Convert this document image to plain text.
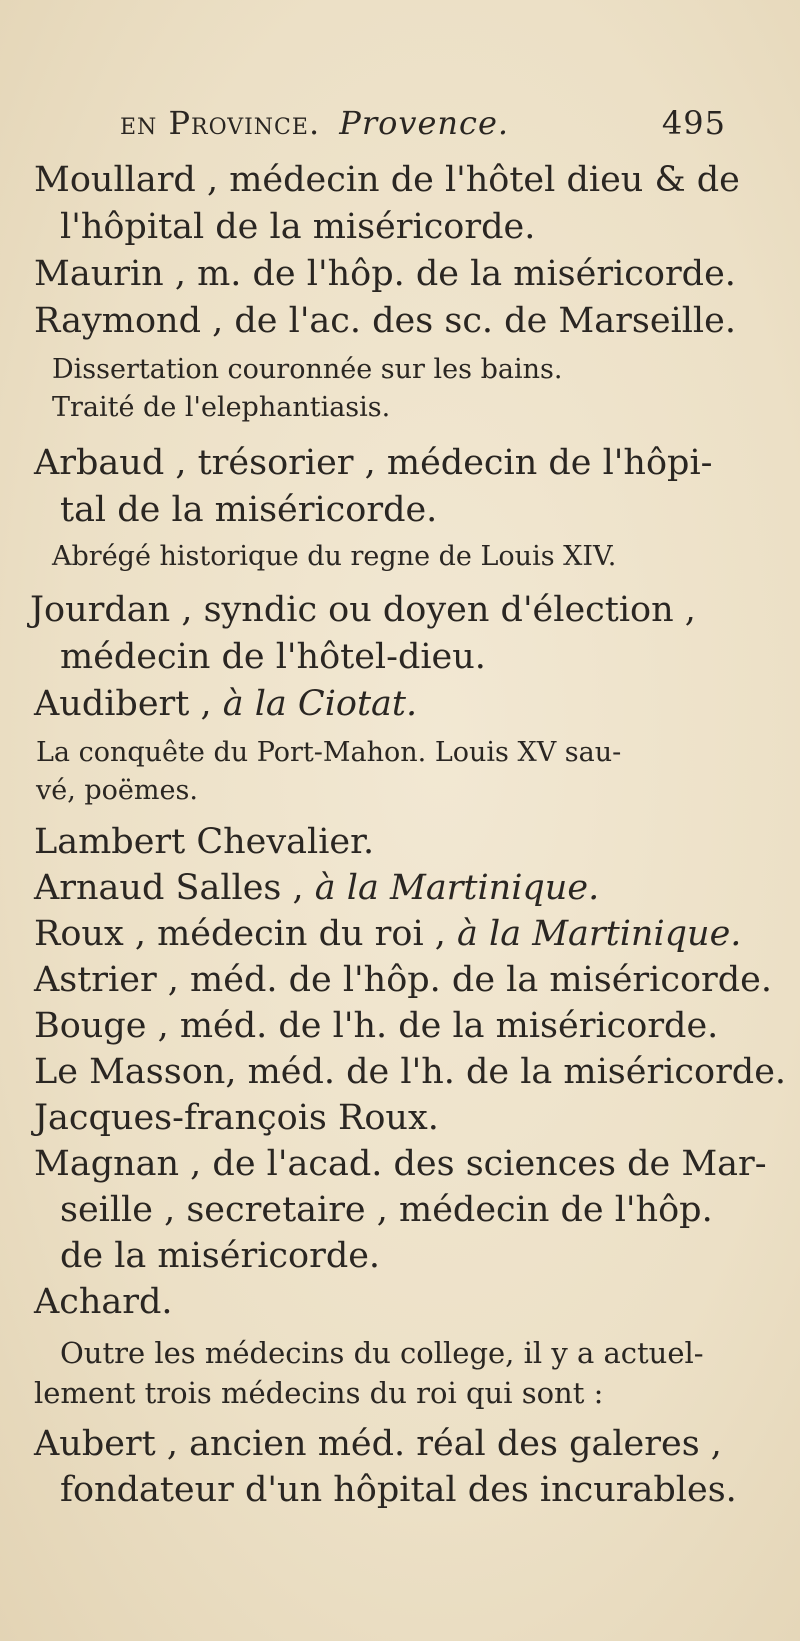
en Province. Provence.	495
Moullard , médecin de l'hôtel dieu & de
l'hôpital de la miséricorde.
Maurin , m. de l'hôp. de la miséricorde.
Raymond , de l'ac. des sc. de Marseille.
Dissertation couronnée sur les bains.
Traité de l'elephantiasis.
Arbaud , trésorier , médecin de l'hôpi-
tal de la miséricorde.
Abrégé historique du regne de Louis XIV.
Jourdan , syndic ou doyen d'élection ,
médecin de l'hôtel-dieu.
Audibert , à la Ciotat.
La conquête du Port-Mahon. Louis XV sau-
vé, poëmes.
Lambert Chevalier.
Arnaud Salles , à la Martinique.
Roux , médecin du roi , à la Martinique.
Astrier , méd. de l'hôp. de la miséricorde.
Bouge , méd. de l'h. de la miséricorde.
Le Masson, méd. de l'h. de la miséricorde.
Jacques-françois Roux.
Magnan , de l'acad. des sciences de Mar-
seille , secretaire , médecin de l'hôp.
de la miséricorde.
Achard.
Outre les médecins du college, il y a actuel-
lement trois médecins du roi qui sont :
Aubert , ancien méd. réal des galeres ,
fondateur d'un hôpital des incurables.
